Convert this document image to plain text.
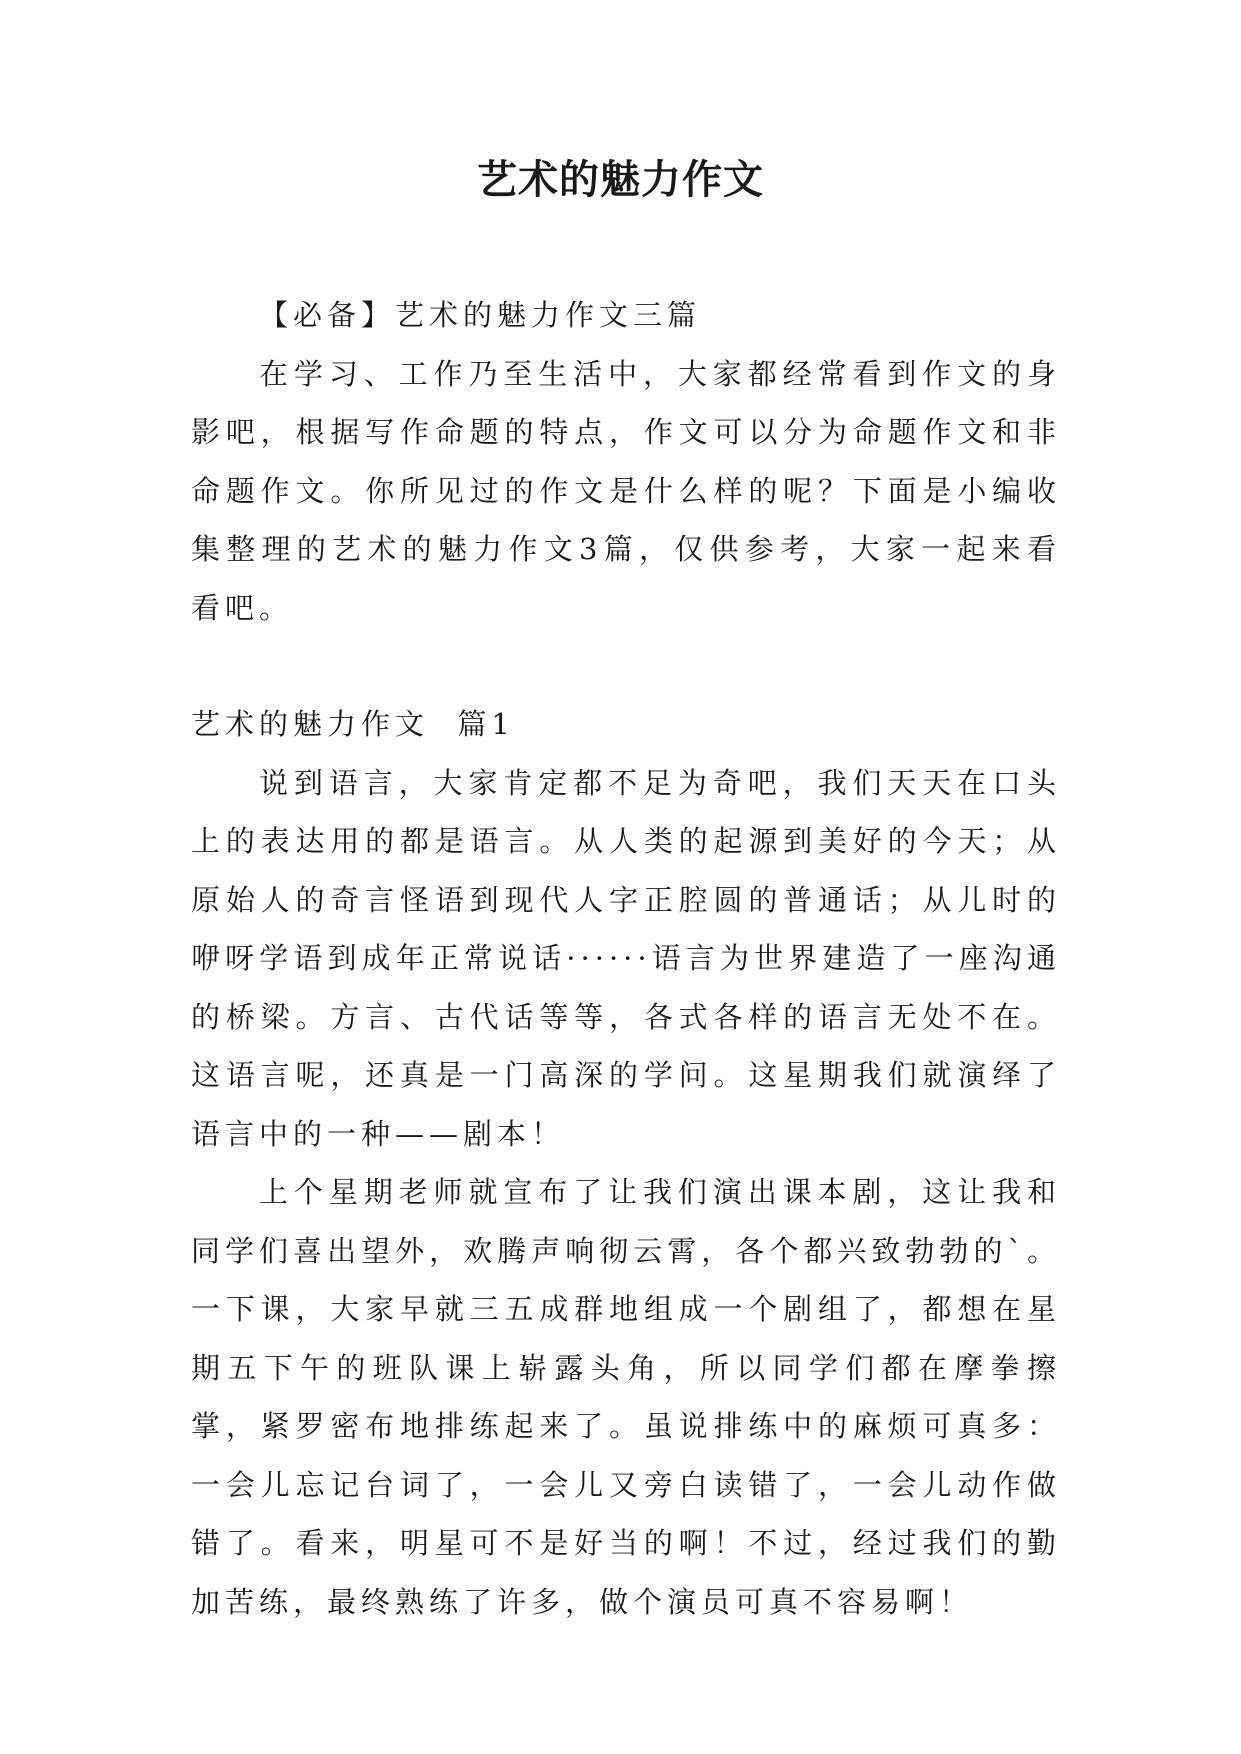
艺术的魅力作文

【必备】艺术的魅力作文三篇

在学习、工作乃至生活中，大家都经常看到作文的身影吧，根据写作命题的特点，作文可以分为命题作文和非命题作文。你所见过的作文是什么样的呢？下面是小编收集整理的艺术的魅力作文3篇，仅供参考，大家一起来看看吧。

艺术的魅力作文  篇1

说到语言，大家肯定都不足为奇吧，我们天天在口头上的表达用的都是语言。从人类的起源到美好的今天；从原始人的奇言怪语到现代人字正腔圆的普通话；从儿时的咿呀学语到成年正常说话······语言为世界建造了一座沟通的桥梁。方言、古代话等等，各式各样的语言无处不在。这语言呢，还真是一门高深的学问。这星期我们就演绎了语言中的一种——剧本！

上个星期老师就宣布了让我们演出课本剧，这让我和同学们喜出望外，欢腾声响彻云霄，各个都兴致勃勃的`。一下课，大家早就三五成群地组成一个剧组了，都想在星期五下午的班队课上崭露头角，所以同学们都在摩拳擦掌，紧罗密布地排练起来了。虽说排练中的麻烦可真多：一会儿忘记台词了，一会儿又旁白读错了，一会儿动作做错了。看来，明星可不是好当的啊！不过，经过我们的勤加苦练，最终熟练了许多，做个演员可真不容易啊！
